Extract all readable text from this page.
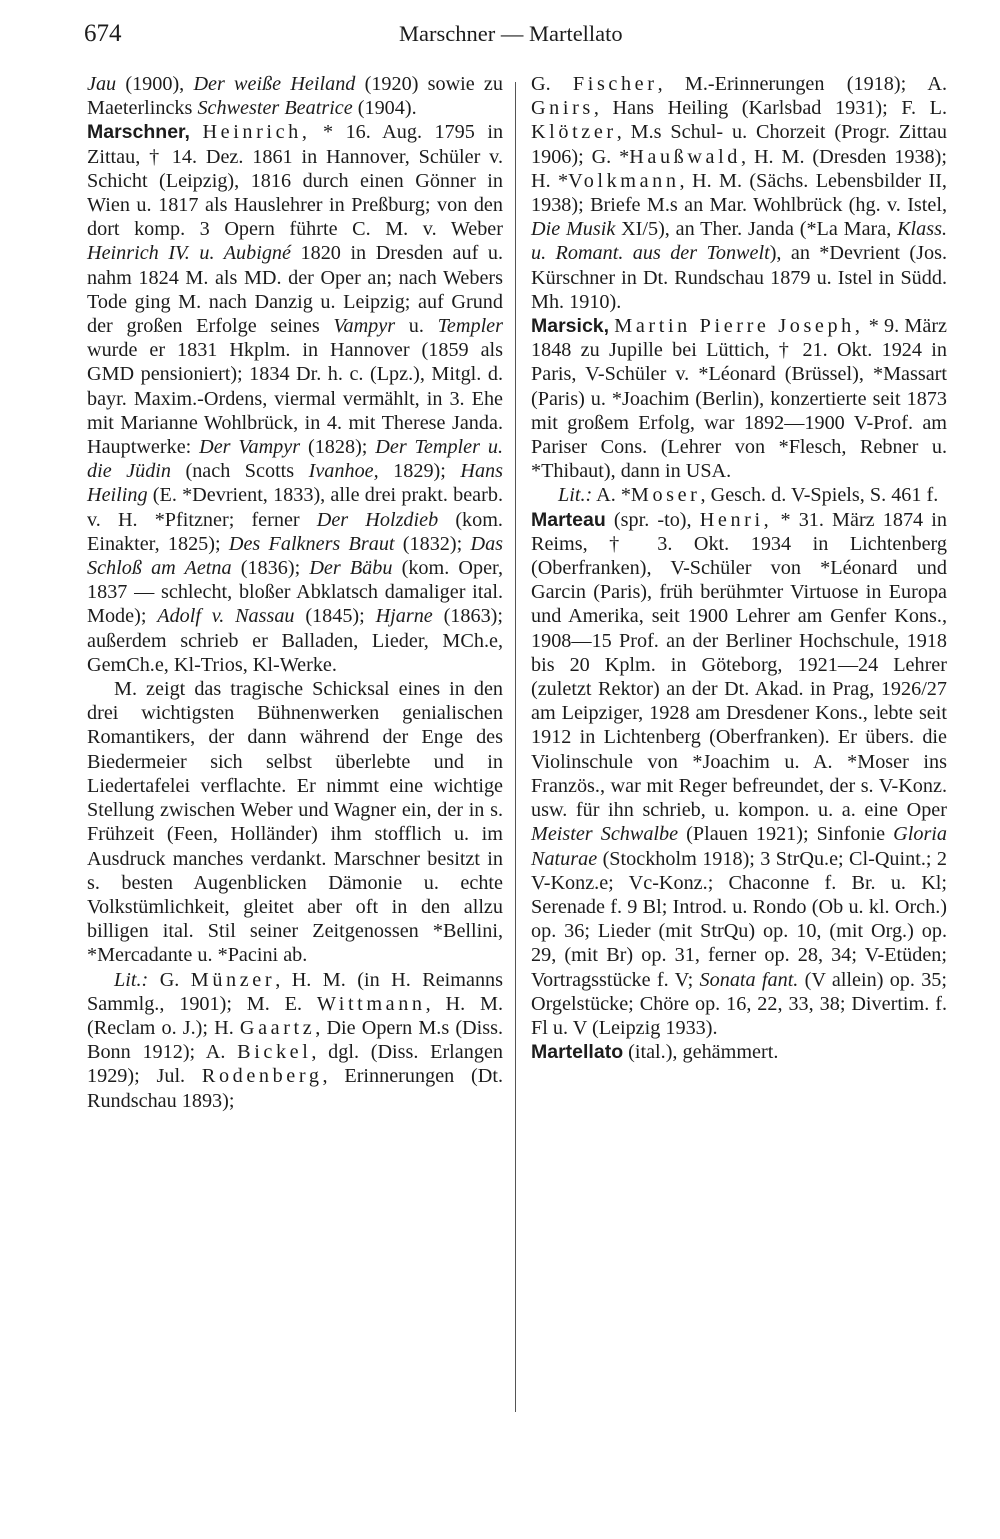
674	Marschner — Martellato

Jau (1900), Der weiße Heiland (1920) sowie zu Maeterlincks Schwester Beatrice (1904).

Marschner, Heinrich, * 16. Aug. 1795 in Zittau, † 14. Dez. 1861 in Hannover, Schüler v. Schicht (Leipzig), 1816 durch einen Gönner in Wien u. 1817 als Hauslehrer in Preßburg; von den dort komp. 3 Opern führte C. M. v. Weber Heinrich IV. u. Aubigné 1820 in Dresden auf u. nahm 1824 M. als MD. der Oper an; nach Webers Tode ging M. nach Danzig u. Leipzig; auf Grund der großen Erfolge seines Vampyr u. Templer wurde er 1831 Hkplm. in Hannover (1859 als GMD pensioniert); 1834 Dr. h. c. (Lpz.), Mitgl. d. bayr. Maxim.-Ordens, viermal vermählt, in 3. Ehe mit Marianne Wohlbrück, in 4. mit Therese Janda. Hauptwerke: Der Vampyr (1828); Der Templer u. die Jüdin (nach Scotts Ivanhoe, 1829); Hans Heiling (E. *Devrient, 1833), alle drei prakt. bearb. v. H. *Pfitzner; ferner Der Holzdieb (kom. Einakter, 1825); Des Falkners Braut (1832); Das Schloß am Aetna (1836); Der Bäbu (kom. Oper, 1837 — schlecht, bloßer Abklatsch damaliger ital. Mode); Adolf v. Nassau (1845); Hjarne (1863); außerdem schrieb er Balladen, Lieder, MCh.e, GemCh.e, Kl-Trios, Kl-Werke.

M. zeigt das tragische Schicksal eines in den drei wichtigsten Bühnenwerken genialischen Romantikers, der dann während der Enge des Biedermeier sich selbst überlebte und in Liedertafelei verflachte. Er nimmt eine wichtige Stellung zwischen Weber und Wagner ein, der in s. Frühzeit (Feen, Holländer) ihm stofflich u. im Ausdruck manches verdankt. Marschner besitzt in s. besten Augenblicken Dämonie u. echte Volkstümlichkeit, gleitet aber oft in den allzu billigen ital. Stil seiner Zeitgenossen *Bellini, *Mercadante u. *Pacini ab.

Lit.: G. Münzer, H. M. (in H. Reimanns Sammlg., 1901); M. E. Wittmann, H. M. (Reclam o. J.); H. Gaartz, Die Opern M.s (Diss. Bonn 1912); A. Bickel, dgl. (Diss. Erlangen 1929); Jul. Rodenberg, Erinnerungen (Dt. Rundschau 1893);

G. Fischer, M.-Erinnerungen (1918); A. Gnirs, Hans Heiling (Karlsbad 1931); F. L. Klötzer, M.s Schul- u. Chorzeit (Progr. Zittau 1906); G. *Haußwald, H. M. (Dresden 1938); H. *Volkmann, H. M. (Sächs. Lebensbilder II, 1938); Briefe M.s an Mar. Wohlbrück (hg. v. Istel, Die Musik XI/5), an Ther. Janda (*La Mara, Klass. u. Romant. aus der Tonwelt), an *Devrient (Jos. Kürschner in Dt. Rundschau 1879 u. Istel in Südd. Mh. 1910).

Marsick, Martin Pierre Joseph, * 9. März 1848 zu Jupille bei Lüttich, † 21. Okt. 1924 in Paris, V-Schüler v. *Léonard (Brüssel), *Massart (Paris) u. *Joachim (Berlin), konzertierte seit 1873 mit großem Erfolg, war 1892—1900 V-Prof. am Pariser Cons. (Lehrer von *Flesch, Rebner u. *Thibaut), dann in USA.

Lit.: A. *Moser, Gesch. d. V-Spiels, S. 461 f.

Marteau (spr. -to), Henri, * 31. März 1874 in Reims, † 3. Okt. 1934 in Lichtenberg (Oberfranken), V-Schüler von *Léonard und Garcin (Paris), früh berühmter Virtuose in Europa und Amerika, seit 1900 Lehrer am Genfer Kons., 1908—15 Prof. an der Berliner Hochschule, 1918 bis 20 Kplm. in Göteborg, 1921—24 Lehrer (zuletzt Rektor) an der Dt. Akad. in Prag, 1926/27 am Leipziger, 1928 am Dresdener Kons., lebte seit 1912 in Lichtenberg (Oberfranken). Er übers. die Violinschule von *Joachim u. A. *Moser ins Französ., war mit Reger befreundet, der s. V-Konz. usw. für ihn schrieb, u. kompon. u. a. eine Oper Meister Schwalbe (Plauen 1921); Sinfonie Gloria Naturae (Stockholm 1918); 3 StrQu.e; Cl-Quint.; 2 V-Konz.e; Vc-Konz.; Chaconne f. Br. u. Kl; Serenade f. 9 Bl; Introd. u. Rondo (Ob u. kl. Orch.) op. 36; Lieder (mit StrQu) op. 10, (mit Org.) op. 29, (mit Br) op. 31, ferner op. 28, 34; V-Etüden; Vortragsstücke f. V; Sonata fant. (V allein) op. 35; Orgelstücke; Chöre op. 16, 22, 33, 38; Divertim. f. Fl u. V (Leipzig 1933).

Martellato (ital.), gehämmert.
